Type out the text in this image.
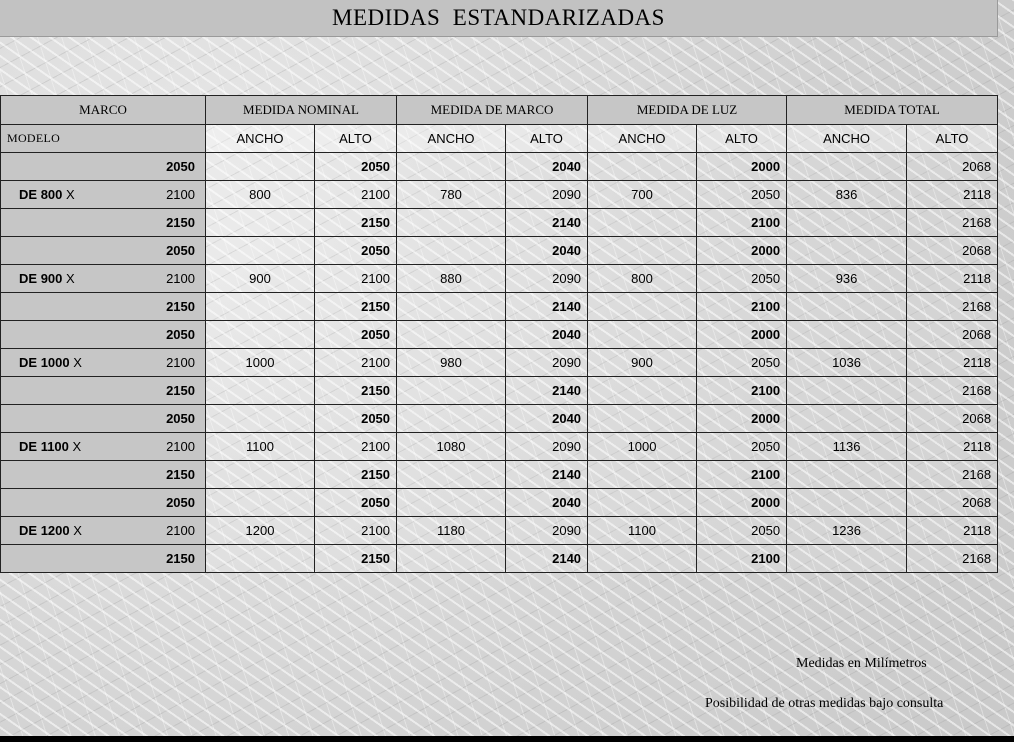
MEDIDAS  ESTANDARIZADAS
MARCO	MEDIDA NOMINAL		MEDIDA DE MARCO		MEDIDA DE LUZ		MEDIDA TOTAL	
MODELO	ANCHO	ALTO	ANCHO	ALTO	ANCHO	ALTO	ANCHO	ALTO

2050		2050		2040		2000		2068

DE 800 X 2100	800	2100	780	2090	700	2050	836	2118

2150		2150		2140		2100		2168

2050		2050		2040		2000		2068

DE 900 X 2100	900	2100	880	2090	800	2050	936	2118

2150		2150		2140		2100		2168

2050		2050		2040		2000		2068

DE 1000 X 2100	1000	2100	980	2090	900	2050	1036	2118

2150		2150		2140		2100		2168

2050		2050		2040		2000		2068

DE 1100 X 2100	1100	2100	1080	2090	1000	2050	1136	2118

2150		2150		2140		2100		2168

2050		2050		2040		2000		2068

DE 1200 X 2100	1200	2100	1180	2090	1100	2050	1236	2118

2150		2150		2140		2100		2168
Medidas en Milímetros
Posibilidad de otras medidas bajo consulta
